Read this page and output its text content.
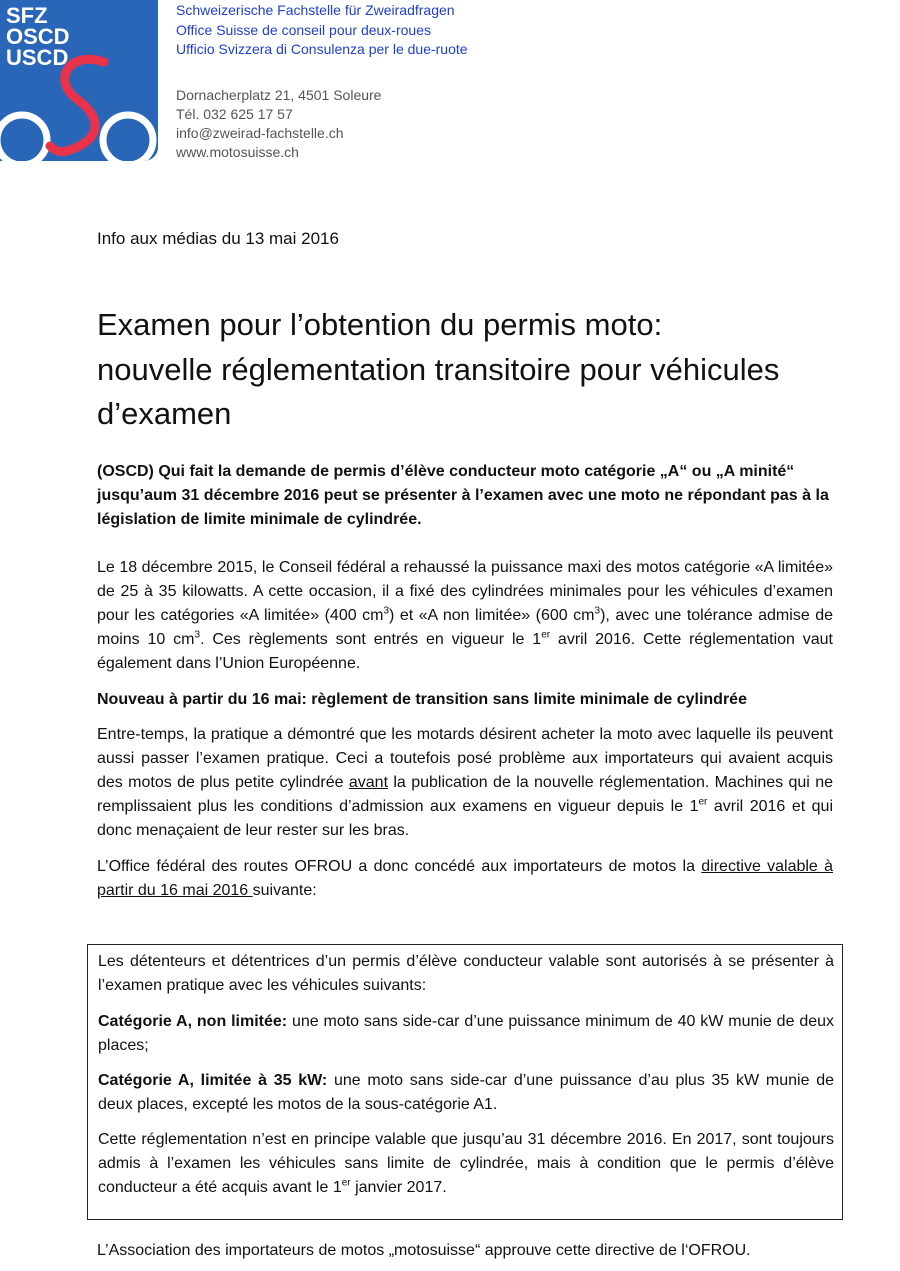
SFZ
OSCD
USCD
Schweizerische Fachstelle für Zweiradfragen
Office Suisse de conseil pour deux-roues
Ufficio Svizzera di Consulenza per le due-ruote
Dornacherplatz 21, 4501 Soleure
Tél. 032 625 17 57
info@zweirad-fachstelle.ch
www.motosuisse.ch
Info aux médias du 13 mai 2016
Examen pour l’obtention du permis moto:
nouvelle réglementation transitoire pour véhicules
d’examen

(OSCD) Qui fait la demande de permis d’élève conducteur moto catégorie „A“ ou „A minité“ jusqu’aum 31 décembre 2016 peut se présenter à l’examen avec une moto ne répondant pas à la législation de limite minimale de cylindrée.

Le 18 décembre 2015, le Conseil fédéral a rehaussé la puissance maxi des motos catégorie «A limitée» de 25 à 35 kilowatts. A cette occasion, il a fixé des cylindrées minimales pour les véhicules d’examen pour les catégories «A limitée» (400 $cm^3$) et «A non limitée» (600 $cm^3$), avec une tolérance admise de moins 10 $cm^3$. Ces règlements sont entrés en vigueur le 1er avril 2016. Cette réglementation vaut également dans l’Union Européenne.

Nouveau à partir du 16 mai: règlement de transition sans limite minimale de cylindrée

Entre-temps, la pratique a démontré que les motards désirent acheter la moto avec laquelle ils peuvent aussi passer l’examen pratique. Ceci a toutefois posé problème aux importateurs qui avaient acquis des motos de plus petite cylindrée avant la publication de la nouvelle réglementation. Machines qui ne remplissaient plus les conditions d’admission aux examens en vigueur depuis le 1er avril 2016 et qui donc menaçaient de leur rester sur les bras.

L’Office fédéral des routes OFROU a donc concédé aux importateurs de motos la directive valable à partir du 16 mai 2016 suivante:

Les détenteurs et détentrices d’un permis d’élève conducteur valable sont autorisés à se présenter à l’examen pratique avec les véhicules suivants:

Catégorie A, non limitée: une moto sans side-car d’une puissance minimum de 40 kW munie de deux places;

Catégorie A, limitée à 35 kW: une moto sans side-car d’une puissance d’au plus 35 kW munie de deux places, excepté les motos de la sous-catégorie A1.

Cette réglementation n’est en principe valable que jusqu’au 31 décembre 2016. En 2017, sont toujours admis à l’examen les véhicules sans limite de cylindrée, mais à condition que le permis d’élève conducteur a été acquis avant le 1er janvier 2017.

L’Association des importateurs de motos „motosuisse“ approuve cette directive de l‘OFROU.
